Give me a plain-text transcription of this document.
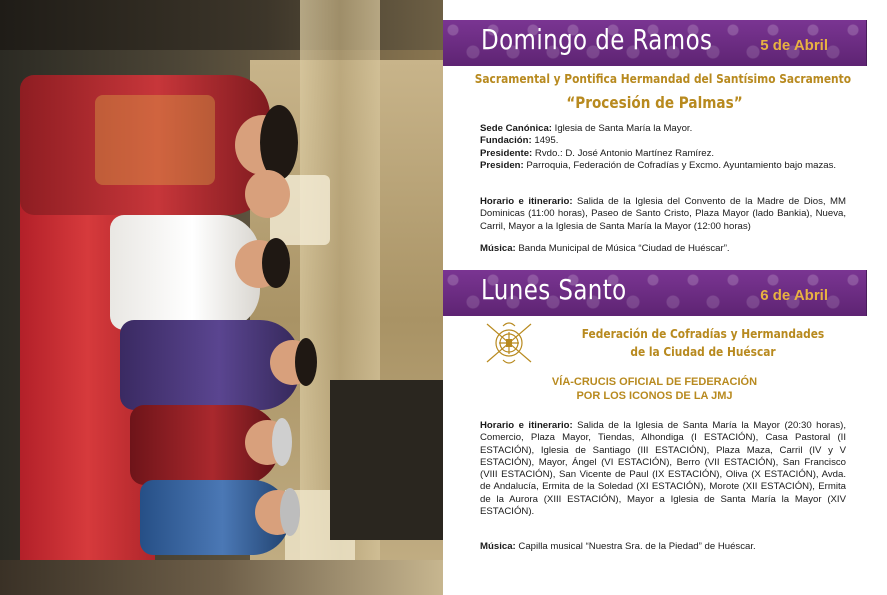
Domingo de Ramos	5 de Abril
Sacramental y Pontifica Hermandad del Santísimo Sacramento
“Procesión de Palmas”
Sede Canónica: Iglesia de Santa María la Mayor.
Fundación: 1495.
Presidente: Rvdo.: D. José Antonio Martínez Ramírez.
Presiden: Parroquia, Federación de Cofradías y Excmo. Ayuntamiento bajo mazas.
Horario e itinerario: Salida de la Iglesia del Convento de la Madre de Dios, MM Dominicas (11:00 horas), Paseo de Santo Cristo, Plaza Mayor (lado Bankia), Nueva, Carril, Mayor a la Iglesia de Santa María la Mayor (12:00 horas)
Música: Banda Municipal de Música “Ciudad de Huéscar”.
Lunes Santo	6 de Abril
Federación de Cofradías y Hermandades
de la Ciudad de Huéscar
VÍA-CRUCIS OFICIAL DE FEDERACIÓN
POR LOS ICONOS DE LA JMJ
Horario e itinerario: Salida de la Iglesia de Santa María la Mayor (20:30 horas), Comercio, Plaza Mayor, Tiendas, Alhondiga (I ESTACIÓN), Casa Pastoral (II ESTACIÓN), Iglesia de Santiago (III ESTACIÓN), Plaza Maza, Carril (IV y V ESTACIÓN), Mayor, Ángel (VI ESTACIÓN), Berro (VII ESTACIÓN), San Francisco (VIII ESTACIÓN), San Vicente de Paul (IX ESTACIÓN), Oliva (X ESTACIÓN), Avda. de Andalucía, Ermita de la Soledad (XI ESTACIÓN), Morote (XII ESTACIÓN), Ermita de la Aurora (XIII ESTACIÓN), Mayor a Iglesia de Santa María la Mayor (XIV ESTACIÓN).
Música: Capilla musical “Nuestra Sra. de la Piedad” de Huéscar.
